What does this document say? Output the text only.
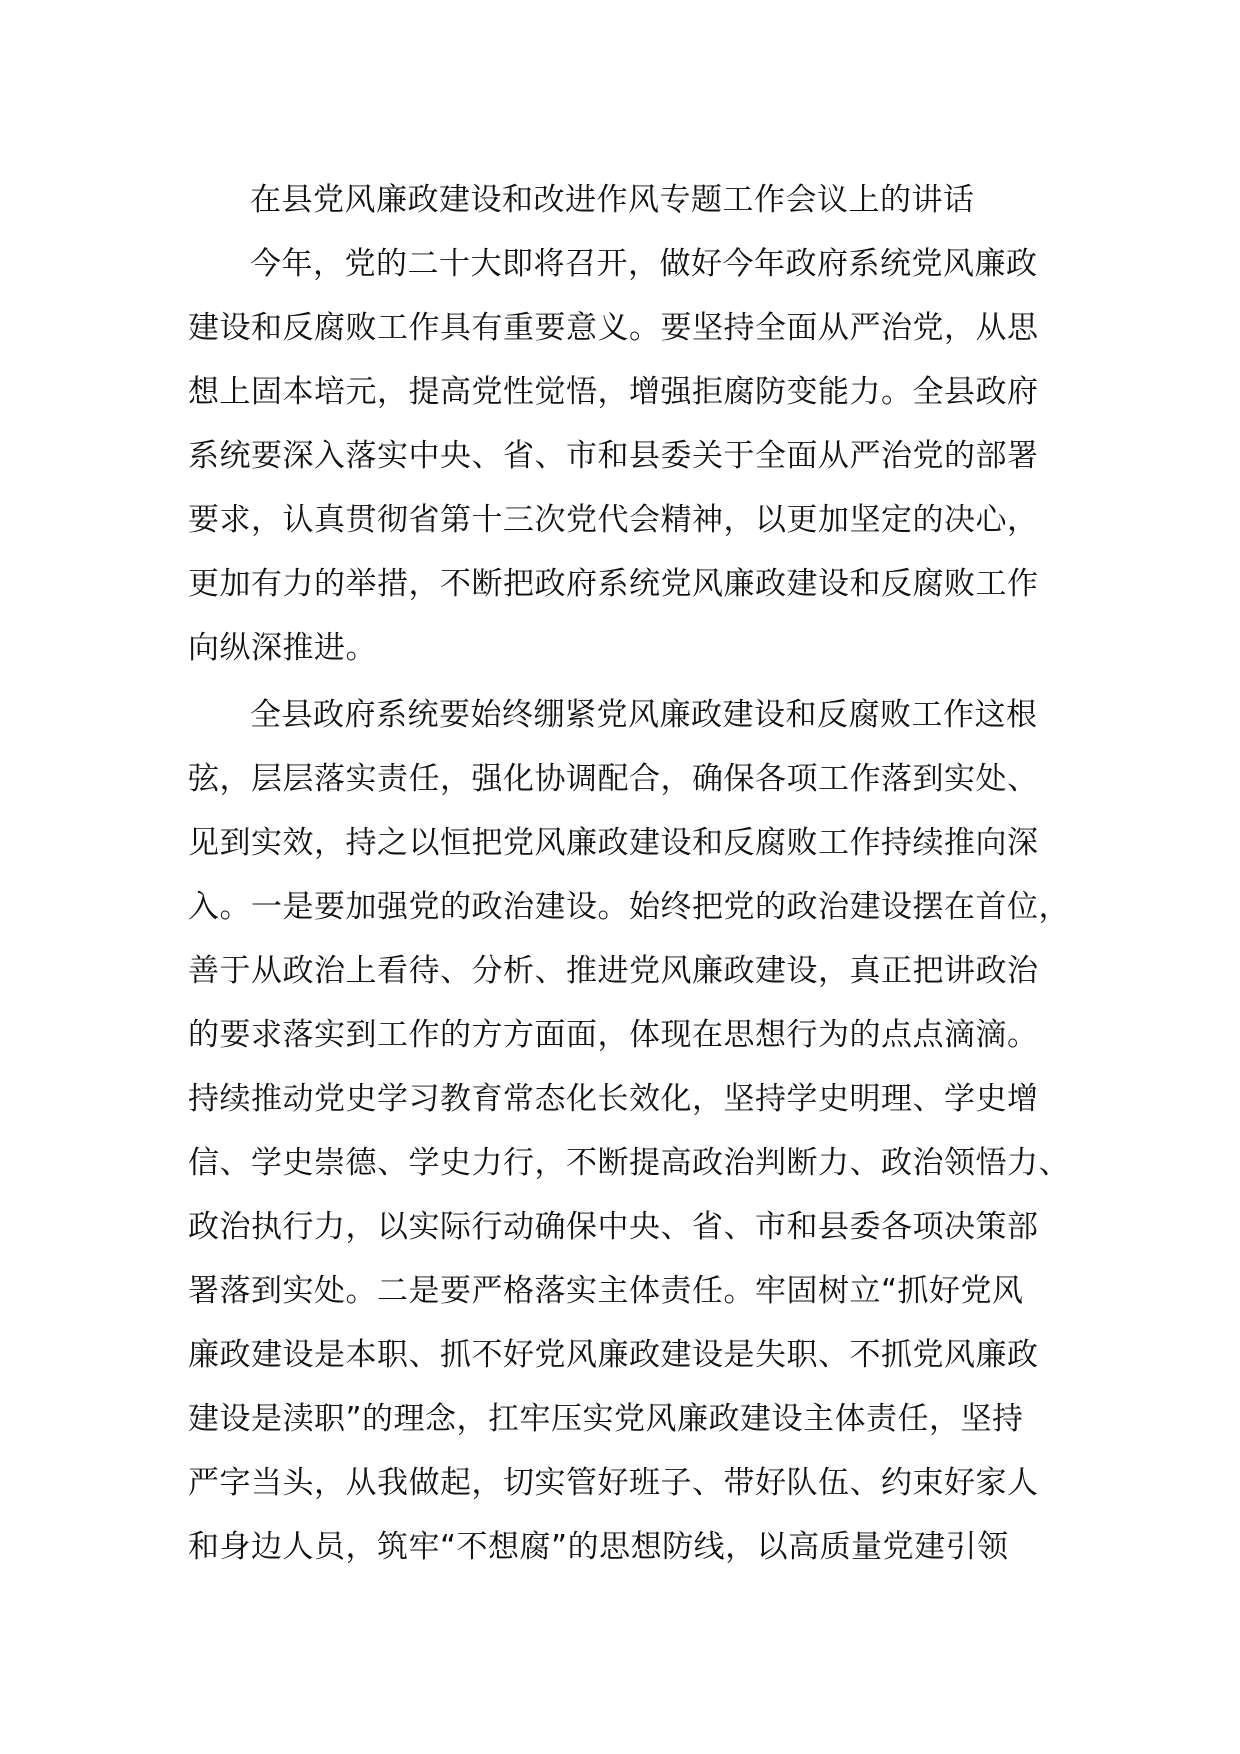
在县党风廉政建设和改进作风专题工作会议上的讲话
今年，党的二十大即将召开，做好今年政府系统党风廉政
建设和反腐败工作具有重要意义。要坚持全面从严治党，从思
想上固本培元，提高党性觉悟，增强拒腐防变能力。全县政府
系统要深入落实中央、省、市和县委关于全面从严治党的部署
要求，认真贯彻省第十三次党代会精神，以更加坚定的决心，
更加有力的举措，不断把政府系统党风廉政建设和反腐败工作
向纵深推进。
全县政府系统要始终绷紧党风廉政建设和反腐败工作这根
弦，层层落实责任，强化协调配合，确保各项工作落到实处、
见到实效，持之以恒把党风廉政建设和反腐败工作持续推向深
入。一是要加强党的政治建设。始终把党的政治建设摆在首位，
善于从政治上看待、分析、推进党风廉政建设，真正把讲政治
的要求落实到工作的方方面面，体现在思想行为的点点滴滴。
持续推动党史学习教育常态化长效化，坚持学史明理、学史增
信、学史崇德、学史力行，不断提高政治判断力、政治领悟力、
政治执行力，以实际行动确保中央、省、市和县委各项决策部
署落到实处。二是要严格落实主体责任。牢固树立“抓好党风
廉政建设是本职、抓不好党风廉政建设是失职、不抓党风廉政
建设是渎职”的理念，扛牢压实党风廉政建设主体责任，坚持
严字当头，从我做起，切实管好班子、带好队伍、约束好家人
和身边人员，筑牢“不想腐”的思想防线，以高质量党建引领
